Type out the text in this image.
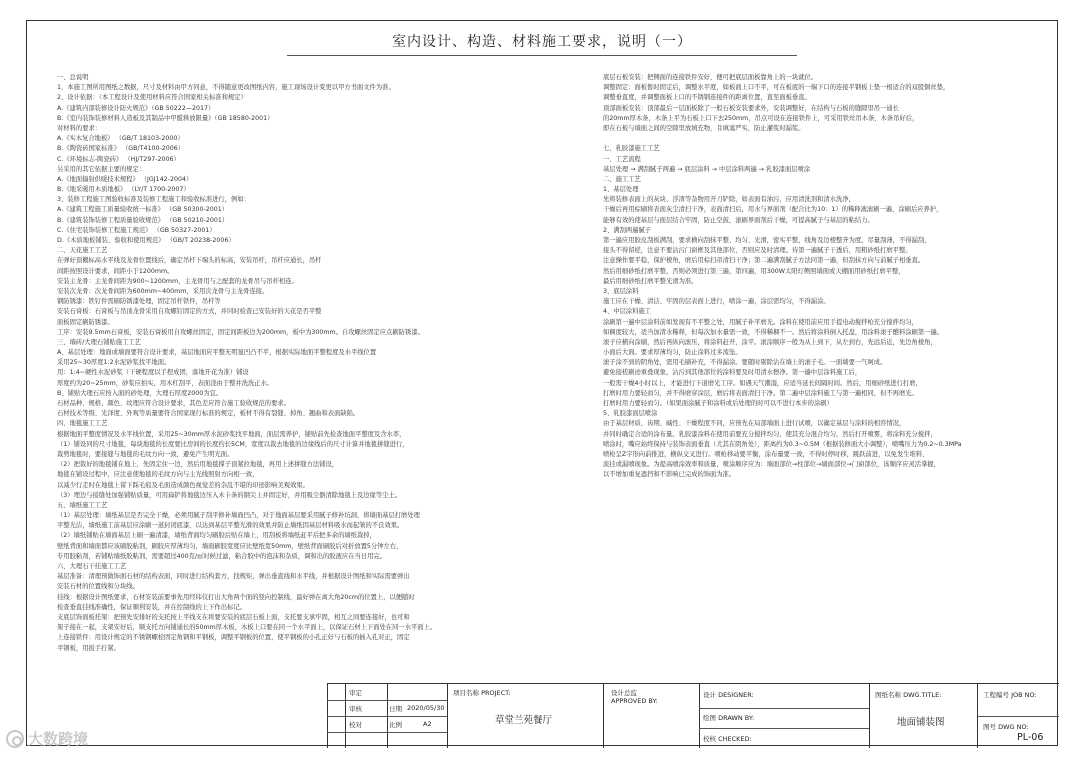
室内设计、构造、材料施工要求，说明（一）
一、总说明
1、本施工图所用图纸之数据，尺寸及材料由甲方同意，不得随意更改图纸内容，施工现场设计变更以甲方书面文件为准。
2、设计依据：（本工程设计及使用材料应符合国家相关标准和规定）
A.《建筑内部装修设计防火规范》（GB 50222—2017）
B.《室内装饰装修材料人造板及其制品中甲醛释放限量》（GB 18580-2001）
对材料的要求：
A.《实木复合地板》 （GB/T 18103-2000）
B.《陶瓷砖国家标准》 （GB/T4100-2006）
C.《环境标志-陶瓷砖》 （HJ/T297-2006）
另采用的其它依据主要的规定：
A.《地面辐射供暖技术规程》 （JGJ142-2004）
B.《地采暖用木质地板》 （LY/T 1700-2007）
3、装修工程施工图验收标准及装修工程施工和验收标准进行，例如：
A.《建筑工程施工质量验收统一标准》 （GB 50300-2001）
B.《建筑装饰装修工程质量验收规范》 （GB 50210-2001）
C.《住宅装饰装修工程施工规范》 （GB 50327-2001）
D.《木质地板铺装、验收和使用规范》 （GB/T 20238-2006）
二、天花施工工艺
在弹好顶棚标高水平线及龙骨位置线后，确定吊杆下端头的标高，安装吊杆，吊杆应通长，吊杆
间距按照设计要求，间距小于1200mm。
安装主龙骨：主龙骨间距为900~1200mm，主龙骨用与之配套的龙骨吊与吊杆相连。
安装次龙骨：次龙骨间距为600mm~400mm，采用次龙骨与主龙骨连接。
钢防锈漆：铁钉件需刷防锈漆处理，固定吊杆铁件，吊杆等
安装石膏板：石膏板与吊顶龙骨采用自攻螺钉固定的方式，并同时检查已安装好的天花是否平整
面板固定刷防锈漆。
工序：安装9.5mm石膏板，安装石膏板用自攻螺丝固定，固定间距板边为200mm，板中为300mm。自攻螺丝固定应点刷防锈漆。
三、墙砖/大理石铺贴施工工艺
A、基层处理：地面或墙面要符合设计要求，基层地面应平整无明显凹凸不平，根据实际地面平整程度及水平线位置
采用25~30厚度1:2水泥砂浆找平地面。
用：1:4~硬性水泥砂浆（干硬程度以手捏成团，落地开花为准）铺设
厚度约为20~25mm，砂浆应拍实，用木杠刮平，表面浇由于整并洗洗正水。
B、铺贴大理石应按入面的砂处理，大理石厚度2000为宜。
石材品种、规格、颜色、纹理应符合设计要求，其色差应符合施工验收规范的要求。
石材技术等级、光泽度、外观等质量要符合国家现行标准的规定，板材不得有裂缝、掉角、翘曲和表面缺陷。
四、地毯施工工艺
根据地面平整度情况及水平线位置，采用25~30mm厚水泥砂浆找平地面，面层需养护，铺贴前先检查地面平整度及含水率，
（1）铺设同的尺寸地毯，每块地毯的长度要比房间的长度约长5CM，宽度以裁去地毯的边缘线后的尺寸计算并地毯拼缝进行，
裁剪地毯时，要接缝与地毯的毛纹方向一致，避免产生明光面。
（2）把裁好的地毯铺在地上，先固定住一边，然后用地毯撑子顶紧拉地毯，再用上述拼缝方法铺设，
地毯在铺设过程中，应注意使地毯的毛纹方向与主光线照射方向相一致，
以减少行走时在地毯上留下踩毛痕及毛面造成颜色视觉差的杂乱不堪的印迹影响美观效果。
（3）埋边与接缝处加强铺贴质量，可用扁铲将地毯边压入木卡条的钢尖上并固定好，并用吸尘器清除地毯上及边缘等尘土。
五、墙纸施工工艺
（1）基层处理：墙纸基层是否完全干燥，必须用腻子刮平修补墙面凹凸，对于地面基层要采用腻子修补坑洞，将墙面基层打磨处理
平整光洁，墙纸施工前基层应涂刷一道封闭底漆，以达到基层平整光滑的效果并防止墙纸因基层材料吸水而起皱的不良效果。
（2）墙纸铺贴在墙面基层上刷一遍清漆，墙纸背面均匀刷胶后贴在墙上，用刮板将墙纸赶平后把多余的墙纸裁掉，
壁纸背面和墙面都应该刷胶粘剂，刷胶应厚薄均匀，墙面刷胶宽度应比壁纸宽50mm，壁纸背面刷胶后对折放置5分钟左右，
专用胶粘剂，若铺贴墙纸胶粘剂，需要超过400克/㎡时候过滤，粘合胶中的泡沫和杂质，调和出的胶液应在当日用完。
六、大理石干挂施工工艺
基层准备：清理预做饰面石材的结构表面，同时进行结构套方，找规矩，弹出垂直线和水平线，并根据设计图纸和实际需要弹出
安装石材的位置线和分块线。
挂线：根据设计图纸要求，石材安装前要事先用经纬仪打出大角两个面的竖向控制线，最好弹在离大角20cm的位置上，以便随时
检查垂直挂线准确性，保证顺利安装，并在控制线的上下作出标记。
支底层饰面板托架：把预先安排好的支托按上平线支在将要安装的底层石板上面，支托要支承牢固，相互之间要连接好，也可和
架子接在一起，支架安好后，顺支托方向铺通长的50mm厚木板，木板上口要在同一个水平面上，以保证石材上下面处在同一水平面上。
上连接铁件：用设计规定的不锈钢螺栓固定角钢和平钢板，调整平钢板的位置，使平钢板的小孔正好与石板的插入孔对正，固定
平钢板，用扳手拧紧。
底层石板安装：把侧面的连接铁件安好，便可把底层面板靠角上的一块就位。
调整固定：面板暂时固定后，调整水平度，如板面上口不平，可在板底的一端下口的连接平钢板上垫一根适合的双股铜丝垫，
调整垂直度，并调整面板上口的不锈钢连接件的距离位置，直至面板垂直。
顶部面板安装：顶部最后一层面板除了一般石板安装要求外，安装调整好，在结构与石板的缝隙里吊一通长
的20mm厚木条，木条上平为石板上口下去250mm，吊点可设在连接铁件上，可采用铁丝吊木条，木条吊好后，
即在石板与墙面之间的空隙里放填充物，且填塞严实，防止灌浆时漏浆。
七、乳胶漆施工工艺
一、工艺流程
基层处理 → 满刮腻子两遍 → 底层涂料 → 中层涂料两遍 → 乳胶漆面层喷涂
二、施工工艺
1、基层处理
先将装修表面上的灰块、浮渣等杂物用开刀铲除，如表面有油污，应用清洗剂和清水洗净，
干燥后再用棕刷将表面灰尘清扫干净，表面清扫后，用水与界面剂（配合比为10：1）的稀释液滚刷一遍，涂刷后应养护，
能够有效的使基层与面层结合牢固，防止空鼓，滚刷界面剂后干燥，可提高腻子与基层的粘结力。
2、满刮两遍腻子
第一遍应用胶皮刮板满刮，要求横向刮抹平整、均匀、光滑，密实平整，线角及边棱整齐为度。尽量刮薄，不得漏刮，
接头不得留槎，注意不要沾污门窗框及其他部位，否则应及时清理。待第一遍腻子干透后，用粗砂纸打磨平整。
注意操作要平稳，保护棱角，磨后用棕扫帚清扫干净；第二遍满刮腻子方法同第一遍，但刮抹方向与前腻子相垂直。
然后用细砂纸打磨平整，否则必须进行第三遍，第四遍，用300W太阳灯侧照墙面或天棚面用砂纸打磨平整，
最后用细砂纸打磨平整光滑为准。
3、底层涂料
施工应在干燥、清洁、牢固的层表面上进行，喷涂一遍，涂层需均匀，不得漏涂。
4、中层涂料施工
涂刷第一遍中层涂料前如发现有不平整之处，用腻子补平磨光。涂料在使用前应用手提电动搅拌枪充分搅拌均匀，
如稠度较大，适当加清水稀释，但每次加水量需一致，不得稀稠不一。然后将涂料倒入托盘，用涂料滚子醮料涂刷第一遍。
滚子应横向涂刷，然后再纵向滚压，将涂料赶开，涂平。滚涂顺序一般为从上到下，从左到右，先远后近，先边角棱角，
小面后大面。要求厚薄均匀，防止涂料过多流坠。
滚子涂不到的阴角处，需用毛刷补充，不得漏涂。要随时剔除沾在墙上的滚子毛。一面墙要一气呵成。
避免接槎刷迹重叠现象，沾污到其他部位的涂料要及时用清水擦净。第一遍中层涂料施工后，
一般需干燥4小时以上，才能进行下道磨光工序。如遇天气潮湿，应适当延长间隔时间。然后，用细砂纸进行打磨，
打磨时用力要轻而匀，并不得磨穿涂层，磨后将表面清扫干净。第二遍中层涂料施工与第一遍相同，但不再磨光。
打磨时用力要轻而匀。（如果面涂腻子和涂料或后处理的时可以不进行本步的涂刷）
5、乳胶漆面层喷涂
由于基层材质、齿期、碱性、干燥程度不同，应预先在局部墙面上进行试喷，以确定基层与涂料的相容情况，
并同时确定合适的涂布量。乳胶漆涂料在使用前要充分搅拌均匀，使其充分混合均匀，然后打开喷雾，将涂料充分搅拌，
喷涂时，嘴应始终保持与装饰表面垂直（尤其在阴角处），距离约为0.3~0.5M（根据装修面大小调整），喷嘴压力为0.2~0.3MPa
喷枪呈Z字形向前推进，横纵交叉进行。喷枪移动要平衡，涂布量要一致，不得时停时移，跳跃前进，以免发生堆料、
流挂或漏喷现象。为提高喷涂效率和质量，喷涂顺序应为：墙面部位→柱部位→墙面部位→门窗部位，该顺序应灵活掌握，
以不增加重复遮挡和不影响已完成的饰面为准。
审定
审核
校对
日期 2020/05/30
比例	A2
项目名称 PROJECT:
草堂兰苑餐厅
设计总监
APPROVED BY:
设计 DESIGNER:
绘图 DRAWN BY:
校核 CHECKED:
图纸名称 DWG.TITLE:
地面铺装图
工程编号 JOB NO:
图号 DWG NO:
PL-06
大数跨境
